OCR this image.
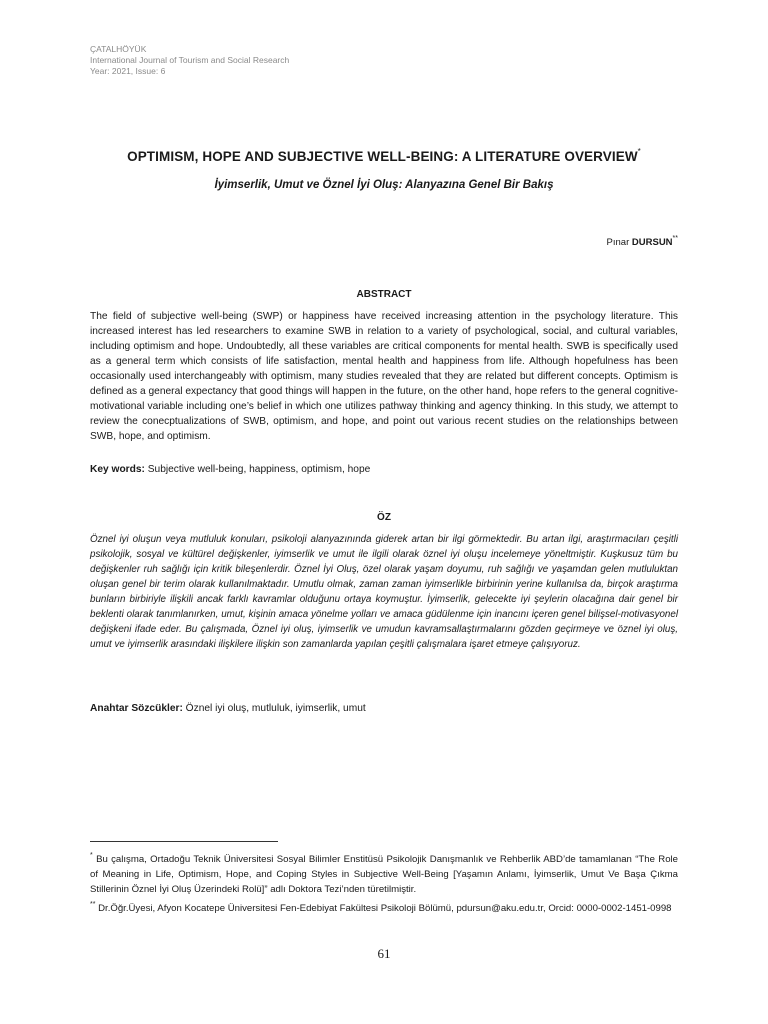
ÇATALHÖYÜK
International Journal of Tourism and Social Research
Year: 2021, Issue: 6
OPTIMISM, HOPE AND SUBJECTIVE WELL-BEING: A LITERATURE OVERVIEW*
İyimserlik, Umut ve Öznel İyi Oluş: Alanyazına Genel Bir Bakış
Pınar DURSUN**
ABSTRACT
The field of subjective well-being (SWP) or happiness have received increasing attention in the psychology literature. This increased interest has led researchers to examine SWB in relation to a variety of psychological, social, and cultural variables, including optimism and hope. Undoubtedly, all these variables are critical components for mental health. SWB is specifically used as a general term which consists of life satisfaction, mental health and happiness from life. Although hopefulness has been occasionally used interchangeably with optimism, many studies revealed that they are related but different concepts. Optimism is defined as a general expectancy that good things will happen in the future, on the other hand, hope refers to the general cognitive-motivational variable including one’s belief in which one utilizes pathway thinking and agency thinking. In this study, we attempt to review the conecptualizations of SWB, optimism, and hope, and point out various recent studies on the relationships between SWB, hope, and optimism.
Key words: Subjective well-being, happiness, optimism, hope
ÖZ
Öznel iyi oluşun veya mutluluk konuları, psikoloji alanyazınında giderek artan bir ilgi görmektedir. Bu artan ilgi, araştırmacıları çeşitli psikolojik, sosyal ve kültürel değişkenler, iyimserlik ve umut ile ilgili olarak öznel iyi oluşu incelemeye yöneltmiştir. Kuşkusuz tüm bu değişkenler ruh sağlığı için kritik bileşenlerdir. Öznel İyi Oluş, özel olarak yaşam doyumu, ruh sağlığı ve yaşamdan gelen mutluluktan oluşan genel bir terim olarak kullanılmaktadır. Umutlu olmak, zaman zaman iyimserlikle birbirinin yerine kullanılsa da, birçok araştırma bunların birbiriyle ilişkili ancak farklı kavramlar olduğunu ortaya koymuştur. İyimserlik, gelecekte iyi şeylerin olacağına dair genel bir beklenti olarak tanımlanırken, umut, kişinin amaca yönelme yolları ve amaca güdülenme için inancını içeren genel bilişsel-motivasyonel değişkeni ifade eder. Bu çalışmada, Öznel iyi oluş, iyimserlik ve umudun kavramsallaştırmalarını gözden geçirmeye ve öznel iyi oluş, umut ve iyimserlik arasındaki ilişkilere ilişkin son zamanlarda yapılan çeşitli çalışmalara işaret etmeye çalışıyoruz.
Anahtar Sözcükler: Öznel iyi oluş, mutluluk, iyimserlik, umut

* Bu çalışma, Ortadoğu Teknik Üniversitesi Sosyal Bilimler Enstitüsü Psikolojik Danışmanlık ve Rehberlik ABD’de tamamlanan “The Role of Meaning in Life, Optimism, Hope, and Coping Styles in Subjective Well-Being [Yaşamın Anlamı, İyimserlik, Umut Ve Başa Çıkma Stillerinin Öznel İyi Oluş Üzerindeki Rolü]” adlı Doktora Tezi’nden türetilmiştir.

** Dr.Öğr.Üyesi, Afyon Kocatepe Üniversitesi Fen-Edebiyat Fakültesi Psikoloji Bölümü, pdursun@aku.edu.tr, Orcid: 0000-0002-1451-0998

61
